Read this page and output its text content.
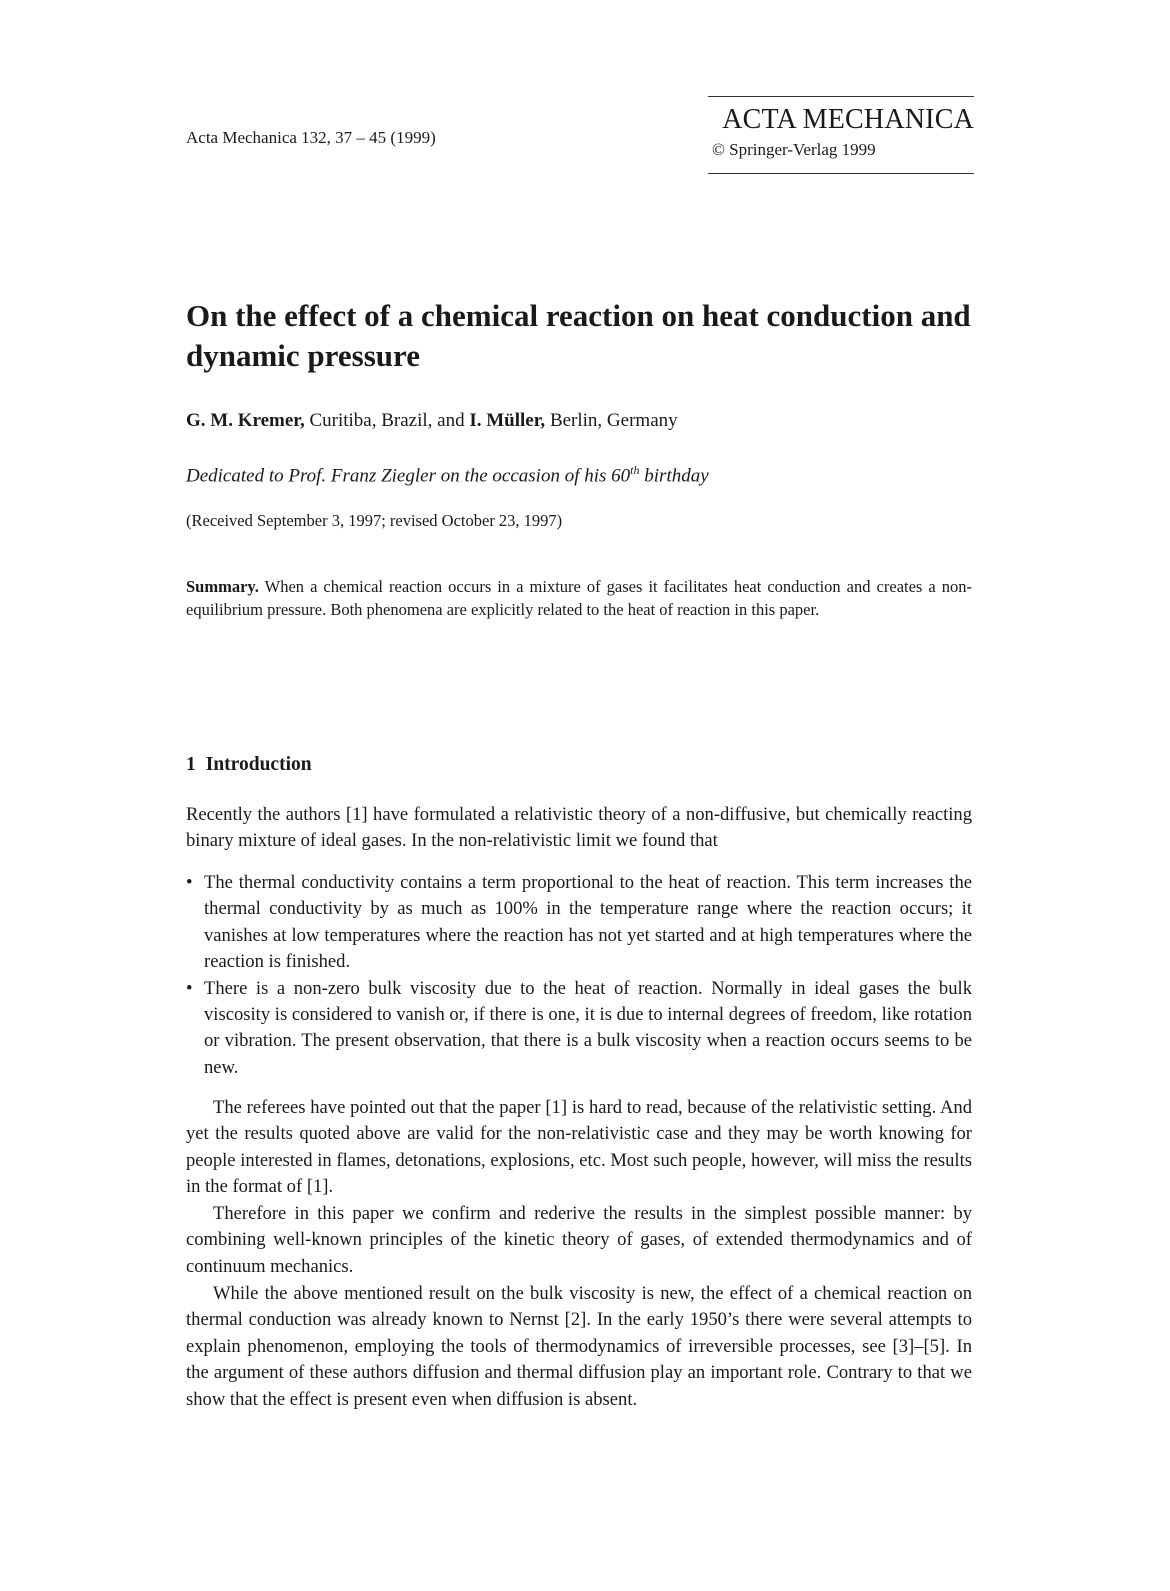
Acta Mechanica 132, 37 – 45 (1999)
ACTA MECHANICA
© Springer-Verlag 1999
On the effect of a chemical reaction on heat conduction and dynamic pressure
G. M. Kremer, Curitiba, Brazil, and I. Müller, Berlin, Germany
Dedicated to Prof. Franz Ziegler on the occasion of his 60th birthday
(Received September 3, 1997; revised October 23, 1997)
Summary. When a chemical reaction occurs in a mixture of gases it facilitates heat conduction and creates a non-equilibrium pressure. Both phenomena are explicitly related to the heat of reaction in this paper.
1 Introduction

Recently the authors [1] have formulated a relativistic theory of a non-diffusive, but chemically reacting binary mixture of ideal gases. In the non-relativistic limit we found that

• The thermal conductivity contains a term proportional to the heat of reaction. This term increases the thermal conductivity by as much as 100% in the temperature range where the reaction occurs; it vanishes at low temperatures where the reaction has not yet started and at high temperatures where the reaction is finished.
• There is a non-zero bulk viscosity due to the heat of reaction. Normally in ideal gases the bulk viscosity is considered to vanish or, if there is one, it is due to internal degrees of freedom, like rotation or vibration. The present observation, that there is a bulk viscosity when a reaction occurs seems to be new.

The referees have pointed out that the paper [1] is hard to read, because of the relativistic setting. And yet the results quoted above are valid for the non-relativistic case and they may be worth knowing for people interested in flames, detonations, explosions, etc. Most such people, however, will miss the results in the format of [1].

Therefore in this paper we confirm and rederive the results in the simplest possible manner: by combining well-known principles of the kinetic theory of gases, of extended thermodynamics and of continuum mechanics.

While the above mentioned result on the bulk viscosity is new, the effect of a chemical reaction on thermal conduction was already known to Nernst [2]. In the early 1950’s there were several attempts to explain phenomenon, employing the tools of thermodynamics of irreversible processes, see [3]–[5]. In the argument of these authors diffusion and thermal diffusion play an important role. Contrary to that we show that the effect is present even when diffusion is absent.
